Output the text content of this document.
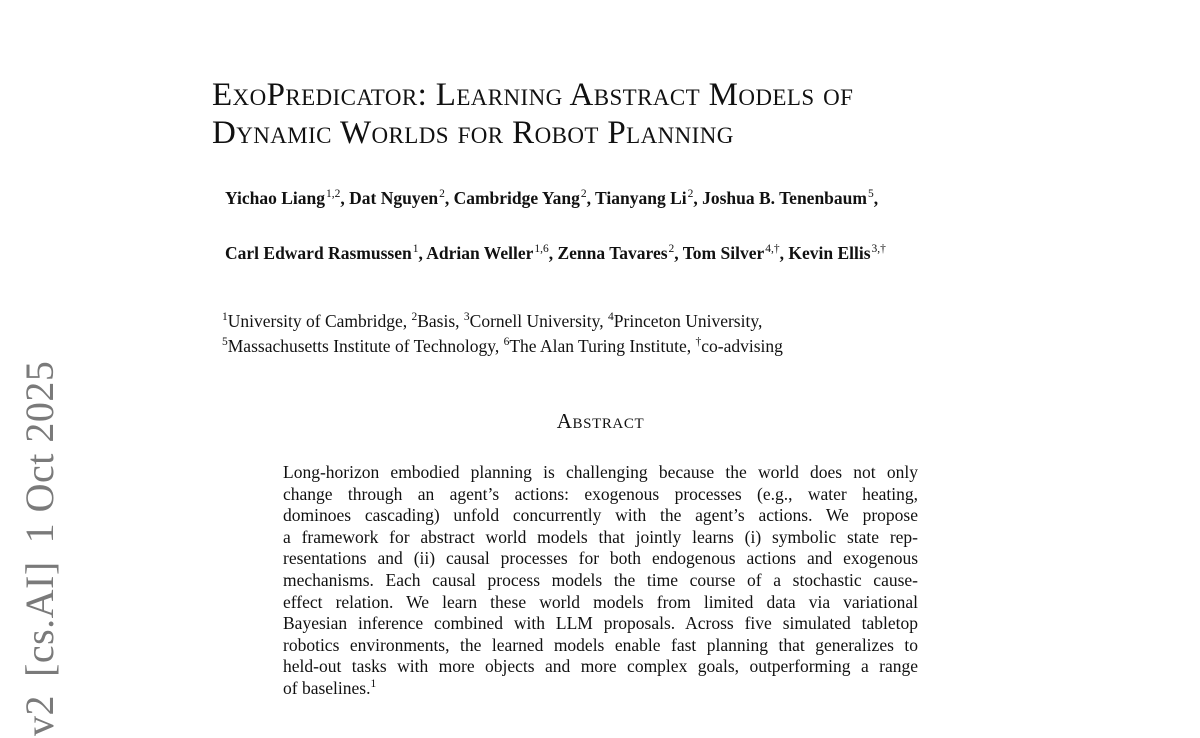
v2[cs.AI]1 Oct 2025
ExoPredicator: Learning Abstract Models of
Dynamic Worlds for Robot Planning
Yichao Liang$^{1,2}$, Dat Nguyen$^2$, Cambridge Yang$^2$, Tianyang Li$^2$, Joshua B. Tenenbaum$^5$,
Carl Edward Rasmussen$^1$, Adrian Weller$^{1,6}$, Zenna Tavares$^2$, Tom Silver$^{4,\dagger}$, Kevin Ellis$^{3,\dagger}$
$^1$University of Cambridge, $^2$Basis, $^3$Cornell University, $^4$Princeton University,
$^5$Massachusetts Institute of Technology, $^6$The Alan Turing Institute, †co-advising
Abstract
Long-horizon embodied planning is challenging because the world does not only
change through an agent’s actions: exogenous processes (e.g., water heating,
dominoes cascading) unfold concurrently with the agent’s actions. We propose
a framework for abstract world models that jointly learns (i) symbolic state rep-
resentations and (ii) causal processes for both endogenous actions and exogenous
mechanisms. Each causal process models the time course of a stochastic cause-
effect relation. We learn these world models from limited data via variational
Bayesian inference combined with LLM proposals. Across five simulated tabletop
robotics environments, the learned models enable fast planning that generalizes to
held-out tasks with more objects and more complex goals, outperforming a range
of baselines.$^1$
